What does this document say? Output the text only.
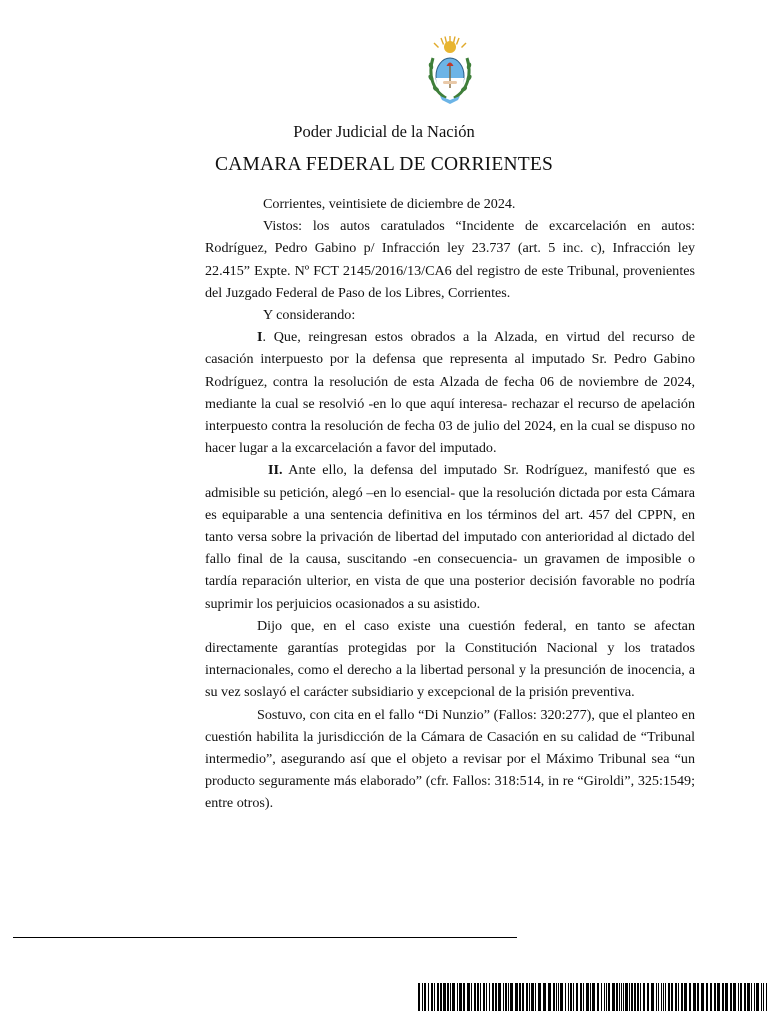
Poder Judicial de la Nación
CAMARA FEDERAL DE CORRIENTES

Corrientes, veintisiete de diciembre de 2024.

Vistos: los autos caratulados “Incidente de excarcelación en autos: Rodríguez, Pedro Gabino p/ Infracción ley 23.737 (art. 5 inc. c), Infracción ley 22.415” Expte. Nº FCT 2145/2016/13/CA6 del registro de este Tribunal, provenientes del Juzgado Federal de Paso de los Libres, Corrientes.

Y considerando:

I. Que, reingresan estos obrados a la Alzada, en virtud del recurso de casación interpuesto por la defensa que representa al imputado Sr. Pedro Gabino Rodríguez, contra la resolución de esta Alzada de fecha 06 de noviembre de 2024, mediante la cual se resolvió -en lo que aquí interesa- rechazar el recurso de apelación interpuesto contra la resolución de fecha 03 de julio del 2024, en la cual se dispuso no hacer lugar a la excarcelación a favor del imputado.

II. Ante ello, la defensa del imputado Sr. Rodríguez, manifestó que es admisible su petición, alegó –en lo esencial- que la resolución dictada por esta Cámara es equiparable a una sentencia definitiva en los términos del art. 457 del CPPN, en tanto versa sobre la privación de libertad del imputado con anterioridad al dictado del fallo final de la causa, suscitando -en consecuencia- un gravamen de imposible o tardía reparación ulterior, en vista de que una posterior decisión favorable no podría suprimir los perjuicios ocasionados a su asistido.

Dijo que, en el caso existe una cuestión federal, en tanto se afectan directamente garantías protegidas por la Constitución Nacional y los tratados internacionales, como el derecho a la libertad personal y la presunción de inocencia, a su vez soslayó el carácter subsidiario y excepcional de la prisión preventiva.

Sostuvo, con cita en el fallo “Di Nunzio” (Fallos: 320:277), que el planteo en cuestión habilita la jurisdicción de la Cámara de Casación en su calidad de “Tribunal intermedio”, asegurando así que el objeto a revisar por el Máximo Tribunal sea “un producto seguramente más elaborado” (cfr. Fallos: 318:514, in re “Giroldi”, 325:1549; entre otros).
